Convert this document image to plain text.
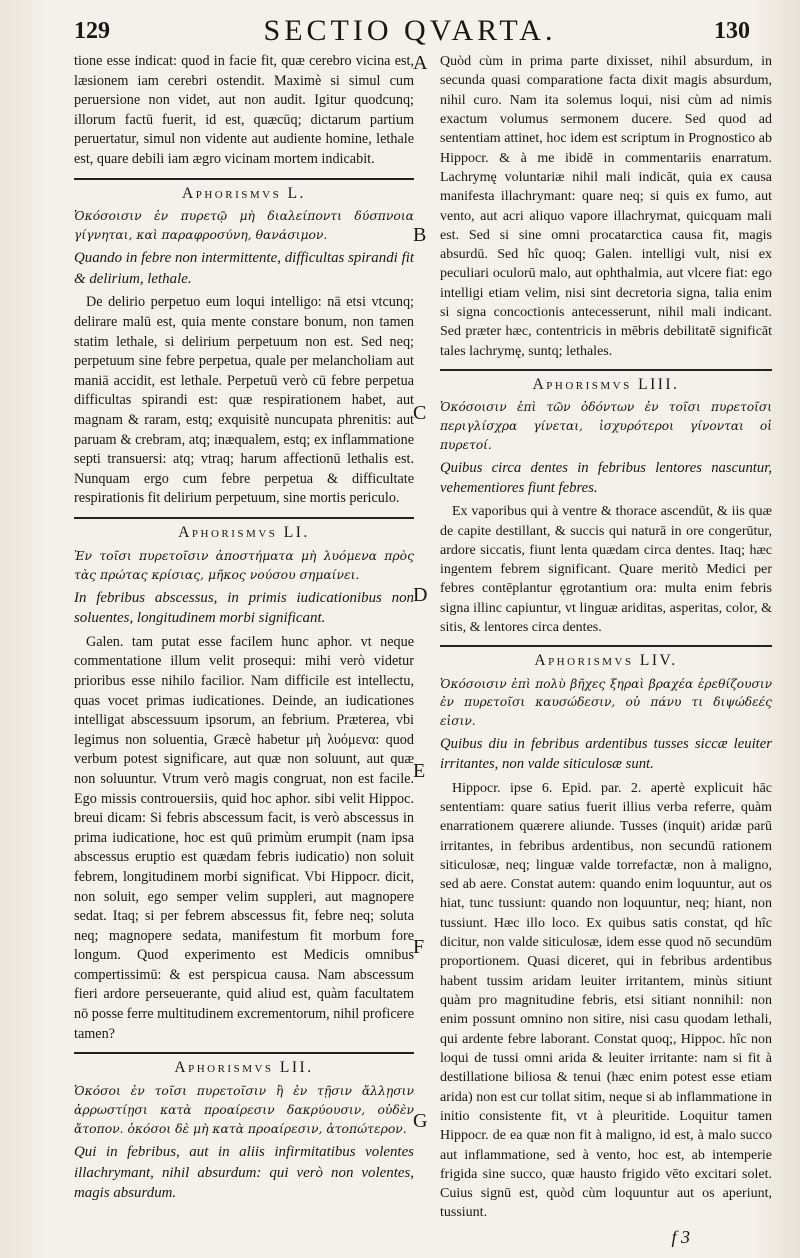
129	SECTIO QVARTA.	130

tione esse indicat: quod in facie fit, quæ cerebro vicina est, læsionem iam cerebri ostendit. Maximè si simul cum peruersione non videt, aut non audit. Igitur quodcunq; illorum factū fuerit, id est, quæcūq; dictarum partium peruertatur, simul non vidente aut audiente homine, lethale est, quare debili iam ægro vicinam mortem indicabit.

Aphorismvs L.

Ὁκόσοισιν ἐν πυρετῷ μὴ διαλείποντι δύσπνοια γίγνηται, καὶ παραφροσύνη, θανάσιμον.

Quando in febre non intermittente, difficultas spirandi fit & delirium, lethale.

De delirio perpetuo eum loqui intelligo: nā etsi vtcunq; delirare malū est, quia mente constare bonum, non tamen statim lethale, si delirium perpetuum non est. Sed neq; perpetuum sine febre perpetua, quale per melancholiam aut maniā accidit, est lethale. Perpetuū verò cū febre perpetua difficultas spirandi est: quæ respirationem habet, aut magnam & raram, estq; exquisitè nuncupata phrenitis: aut paruam & crebram, atq; inæqualem, estq; ex inflammatione septi transuersi: atq; vtraq; harum affectionū lethalis est. Nunquam ergo cum febre perpetua & difficultate respirationis fit delirium perpetuum, sine mortis periculo.

Aphorismvs LI.

Ἐν τοῖσι πυρετοῖσιν ἀποστήματα μὴ λυόμενα πρὸς τὰς πρώτας κρίσιας, μῆκος νούσου σημαίνει.

In febribus abscessus, in primis iudicationibus non soluentes, longitudinem morbi significant.

Galen. tam putat esse facilem hunc aphor. vt neque commentatione illum velit prosequi: mihi verò videtur prioribus esse nihilo facilior. Nam difficile est intellectu, quas vocet primas iudicationes. Deinde, an iudicationes intelligat abscessuum ipsorum, an febrium. Præterea, vbi legimus non soluentia, Græcè habetur μὴ λυόμενα: quod verbum potest significare, aut quæ non soluunt, aut quæ non soluuntur. Vtrum verò magis congruat, non est facile. Ego missis controuersiis, quid hoc aphor. sibi velit Hippoc. breui dicam: Si febris abscessum facit, is verò abscessus in prima iudicatione, hoc est quū primùm erumpit (nam ipsa abscessus eruptio est quædam febris iudicatio) non soluit febrem, longitudinem morbi significat. Vbi Hippocr. dicit, non soluit, ego semper velim suppleri, aut magnopere sedat. Itaq; si per febrem abscessus fit, febre neq; soluta neq; magnopere sedata, manifestum fit morbum fore longum. Quod experimento est Medicis omnibus compertissimū: & est perspicua causa. Nam abscessum fieri ardore perseuerante, quid aliud est, quàm facultatem nō posse ferre multitudinem excrementorum, nihil proficere tamen?

Aphorismvs LII.

Ὁκόσοι ἐν τοῖσι πυρετοῖσιν ἢ ἐν τῇσιν ἄλλῃσιν ἀρρωστίῃσι κατὰ προαίρεσιν δακρύουσιν, οὐδὲν ἄτοπον. ὁκόσοι δὲ μὴ κατὰ προαίρεσιν, ἀτοπώτερον.

Qui in febribus, aut in aliis infirmitatibus volentes illachrymant, nihil absurdum: qui verò non volentes, magis absurdum.

A
B
C
D
E
F
G

Quòd cùm in prima parte dixisset, nihil absurdum, in secunda quasi comparatione facta dixit magis absurdum, nihil curo. Nam ita solemus loqui, nisi cùm ad nimis exactum volumus sermonem ducere. Sed quod ad sententiam attinet, hoc idem est scriptum in Prognostico ab Hippocr. & à me ibidē in commentariis enarratum. Lachrymę voluntariæ nihil mali indicāt, quia ex causa manifesta illachrymant: quare neq; si quis ex fumo, aut vento, aut acri aliquo vapore illachrymat, quicquam mali est. Sed si sine omni procatarctica causa fit, magis absurdū. Sed hîc quoq; Galen. intelligi vult, nisi ex peculiari oculorū malo, aut ophthalmia, aut vlcere fiat: ego intelligi etiam velim, nisi sint decretoria signa, talia enim si signa concoctionis antecesserunt, nihil mali indicant. Sed præter hæc, contentricis in mēbris debilitatē significāt tales lachrymę, suntq; lethales.

Aphorismvs LIII.

Ὁκόσοισιν ἐπὶ τῶν ὀδόντων ἐν τοῖσι πυρετοῖσι περιγλίσχρα γίνεται, ἰσχυρότεροι γίνονται οἱ πυρετοί.

Quibus circa dentes in febribus lentores nascuntur, vehementiores fiunt febres.

Ex vaporibus qui à ventre & thorace ascendūt, & iis quæ de capite destillant, & succis qui naturā in ore congerūtur, ardore siccatis, fiunt lenta quædam circa dentes. Itaq; hæc ingentem febrem significant. Quare meritò Medici per febres contēplantur ęgrotantium ora: multa enim febris signa illinc capiuntur, vt linguæ ariditas, asperitas, color, & sitis, & lentores circa dentes.

Aphorismvs LIV.

Ὁκόσοισιν ἐπὶ πολὺ βῆχες ξηραὶ βραχέα ἐρεθίζουσιν ἐν πυρετοῖσι καυσώδεσιν, οὐ πάνυ τι διψώδεές εἰσιν.

Quibus diu in febribus ardentibus tusses siccæ leuiter irritantes, non valde siticulosæ sunt.

Hippocr. ipse 6. Epid. par. 2. apertè explicuit hāc sententiam: quare satius fuerit illius verba referre, quàm enarrationem quærere aliunde. Tusses (inquit) aridæ parū irritantes, in febribus ardentibus, non secundū rationem siticulosæ, neq; linguæ valde torrefactæ, non à maligno, sed ab aere. Constat autem: quando enim loquuntur, aut os hiat, tunc tussiunt: quando non loquuntur, neq; hiant, non tussiunt. Hæc illo loco. Ex quibus satis constat, qd hîc dicitur, non valde siticulosæ, idem esse quod nō secundūm proportionem. Quasi diceret, qui in febribus ardentibus habent tussim aridam leuiter irritantem, minùs sitiunt quàm pro magnitudine febris, etsi sitiant nonnihil: non enim possunt omnino non sitire, nisi casu quodam lethali, qui ardente febre laborant. Constat quoq;, Hippoc. hîc non loqui de tussi omni arida & leuiter irritante: nam si fit à destillatione biliosa & tenui (hæc enim potest esse etiam arida) non est cur tollat sitim, neque si ab inflammatione in initio consistente fit, vt à pleuritide. Loquitur tamen Hippocr. de ea quæ non fit à maligno, id est, à malo succo aut inflammatione, sed à vento, hoc est, ab intemperie frigida sine succo, quæ hausto frigido vēto excitari solet. Cuius signū est, quòd cùm loquuntur aut os aperiunt, tussiunt.

f 3
